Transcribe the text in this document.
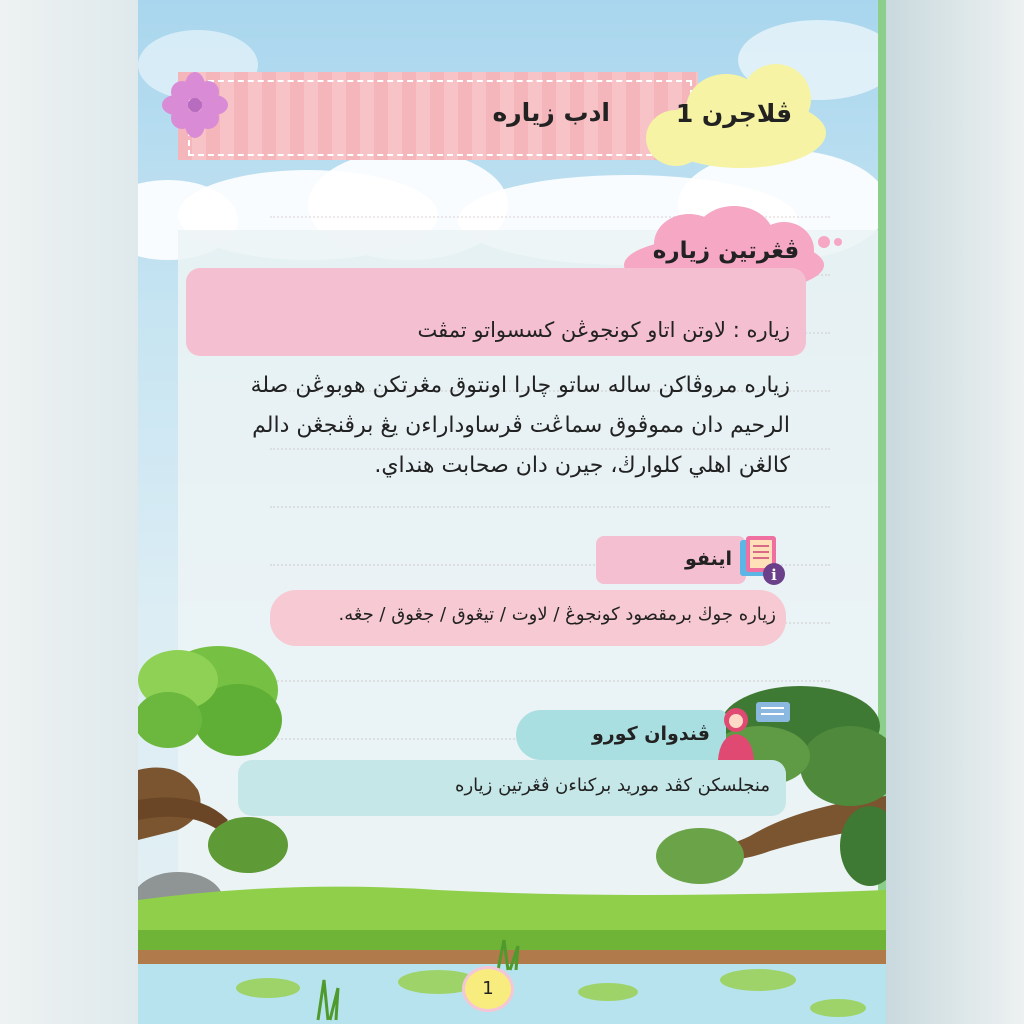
ادب زياره	ڤلاجرن 1
ڤڠرتين زياره
زياره : لاوتن اتاو كونجوڠن كسسواتو تمڤت

زياره مروڤاكن ساله ساتو چارا اونتوق مڠرتكن هوبوڠن صلة

الرحيم دان مموڤوق سماڠت ڤرساوداراءن يڠ برڤنجڠن دالم

كالڠن اهلي كلوارڬ، جيرن دان صحابت هنداي.

اينفو
i
زياره جوڬ برمقصود كونجوڠ / لاوت / تيڠوق / جڠوق / جڠه.
ڤندوان كورو
منجلسكن كڤد موريد بركناءن ڤڠرتين زياره
1
